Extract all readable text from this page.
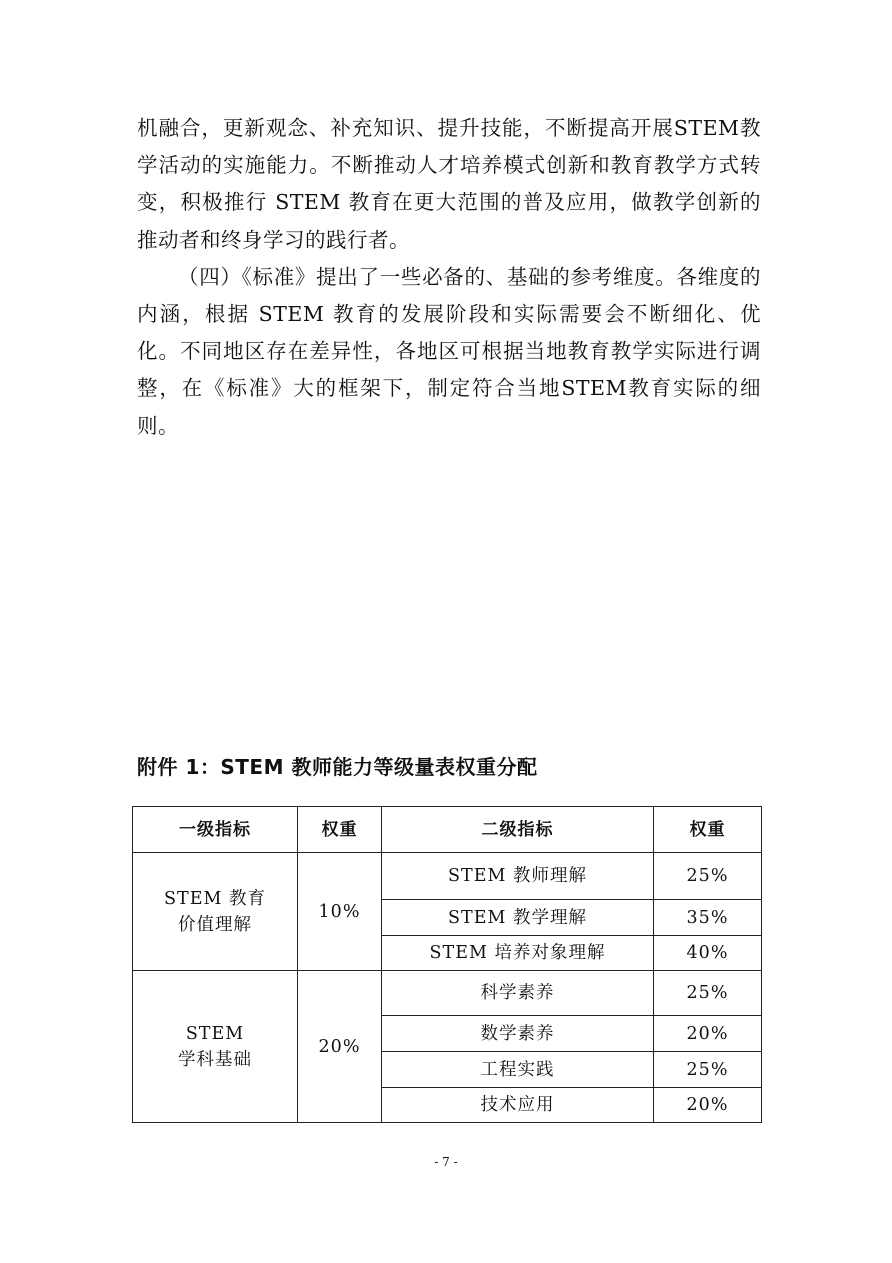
机融合，更新观念、补充知识、提升技能，不断提高开展STEM教学活动的实施能力。不断推动人才培养模式创新和教育教学方式转变，积极推行 STEM 教育在更大范围的普及应用，做教学创新的推动者和终身学习的践行者。

（四）《标准》提出了一些必备的、基础的参考维度。各维度的内涵，根据 STEM 教育的发展阶段和实际需要会不断细化、优化。不同地区存在差异性，各地区可根据当地教育教学实际进行调整，在《标准》大的框架下，制定符合当地STEM教育实际的细则。

附件 1：STEM 教师能力等级量表权重分配
一级指标	权重	二级指标	权重

STEM 教育
价值理解	10%	STEM 教师理解	25%
		STEM 教学理解	35%
		STEM 培养对象理解	40%

STEM
学科基础	20%	科学素养	25%
		数学素养	20%
		工程实践	25%
		技术应用	20%
- 7 -
